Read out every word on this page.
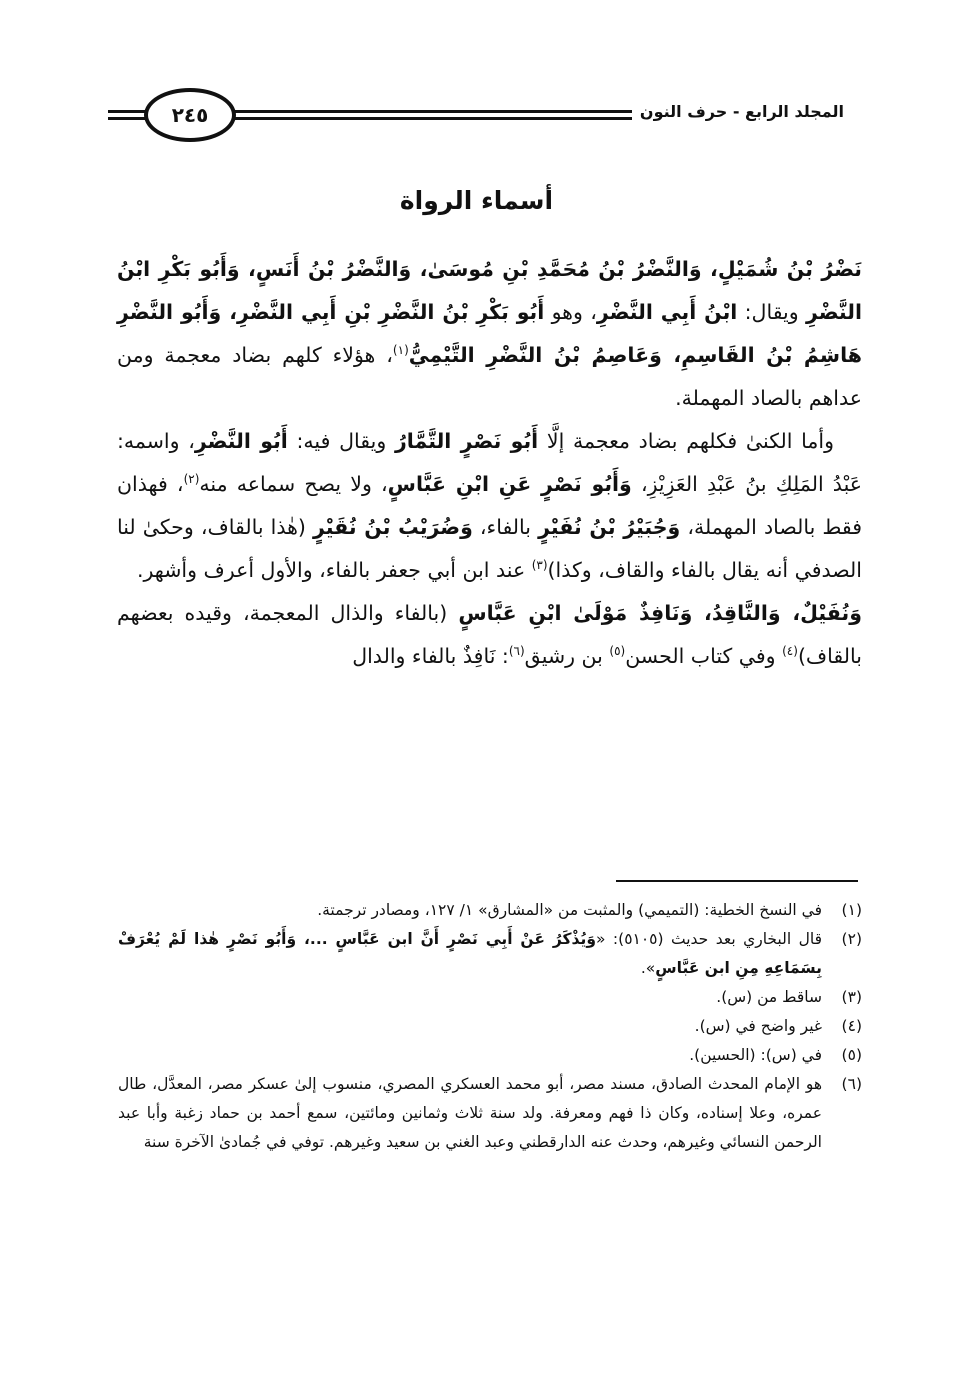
المجلد الرابع - حرف النون
٢٤٥
أسماء الرواة

نَضْرُ بْنُ شُمَيْلٍ، وَالنَّضْرُ بْنُ مُحَمَّدِ بْنِ مُوسَىٰ، وَالنَّضْرُ بْنُ أَنَسٍ، وَأَبُو بَكْرِ ابْنُ النَّضْرِ ويقال: ابْنُ أَبِي النَّضْرِ، وهو أَبُو بَكْرِ بْنُ النَّضْرِ بْنِ أَبِي النَّضْرِ، وَأَبُو النَّضْرِ هَاشِمُ بْنُ القَاسِمِ، وَعَاصِمُ بْنُ النَّضْرِ التَّيْمِيُّ$^{(١)}$، هؤلاء كلهم بضاد معجمة ومن عداهم بالصاد المهملة.

وأما الكنىٰ فكلهم بضاد معجمة إلَّا أَبُو نَصْرٍ التَّمَّارُ ويقال فيه: أَبُو النَّضْرِ، واسمه: عَبْدُ المَلِكِ بنُ عَبْدِ العَزِيْزِ، وَأَبُو نَصْرٍ عَنِ ابْنِ عَبَّاسٍ، ولا يصح سماعه منه$^{(٢)}$، فهذان فقط بالصاد المهملة، وَجُبَيْرُ بْنُ نُفَيْرٍ بالفاء، وَضُرَيْبُ بْنُ نُقَيْرٍ (هٰذا بالقاف، وحكىٰ لنا الصدفي أنه يقال بالفاء والقاف، وكذا)$^{(٣)}$ عند ابن أبي جعفر بالفاء، والأول أعرف وأشهر.

وَنُفَيْلٌ، وَالنَّاقِدُ، وَنَافِذٌ مَوْلَىٰ ابْنِ عَبَّاسٍ (بالفاء والذال المعجمة، وقيده بعضهم بالقاف)$^{(٤)}$ وفي كتاب الحسن$^{(٥)}$ بن رشيق$^{(٦)}$: نَافِذٌ بالفاء والدال

(١)
في النسخ الخطية: (التميمي) والمثبت من «المشارق» ١/ ١٢٧، ومصادر ترجمتة.
(٢)
قال البخاري بعد حديث (٥١٠٥): «وَيُذْكَرُ عَنْ أَبِي نَصْرٍ أَنَّ ابن عَبَّاسٍ ...، وَأَبُو نَصْرٍ هٰذا لَمْ يُعْرَفْ بِسَمَاعِهِ مِنِ ابن عَبَّاسٍ».
(٣)
ساقط من (س).
(٤)
غير واضح في (س).
(٥)
في (س): (الحسين).
(٦)
هو الإمام المحدث الصادق، مسند مصر، أبو محمد العسكري المصري، منسوب إلىٰ عسكر مصر، المعدَّل، طال عمره، وعلا إسناده، وكان ذا فهم ومعرفة. ولد سنة ثلاث وثمانين ومائتين، سمع أحمد بن حماد زغبة وأبا عبد الرحمن النسائي وغيرهم، وحدث عنه الدارقطني وعبد الغني بن سعيد وغيرهم. توفي في جُمادىٰ الآخرة سنة
